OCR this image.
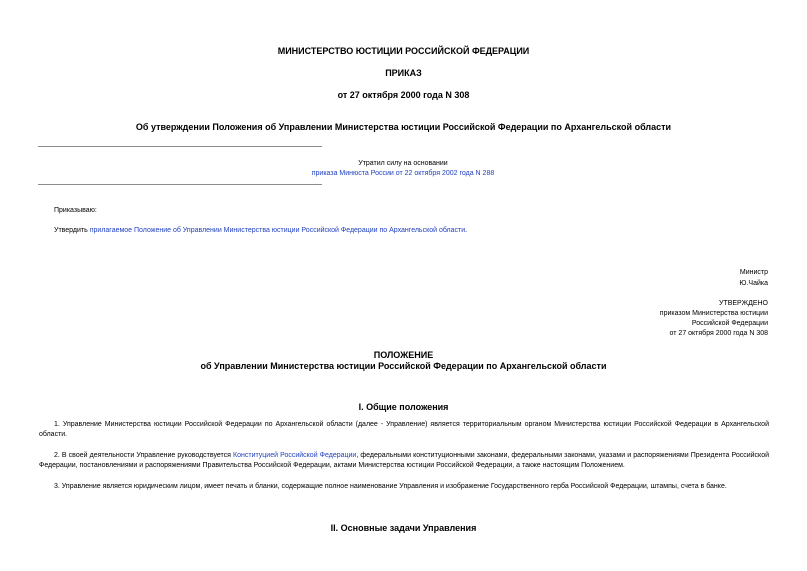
МИНИСТЕРСТВО ЮСТИЦИИ РОССИЙСКОЙ ФЕДЕРАЦИИ
ПРИКАЗ
от 27 октября 2000 года N 308
Об утверждении Положения об Управлении Министерства юстиции Российской Федерации по Архангельской области
Утратил силу на основании
приказа Минюста России от 22 октября 2002 года N 288
Приказываю:
Утвердить прилагаемое Положение об Управлении Министерства юстиции Российской Федерации по Архангельской области.
Министр
Ю.Чайка
УТВЕРЖДЕНО
приказом Министерства юстиции
Российской Федерации
от 27 октября 2000 года N 308
ПОЛОЖЕНИЕ
об Управлении Министерства юстиции Российской Федерации по Архангельской области
I. Общие положения
1. Управление Министерства юстиции Российской Федерации по Архангельской области (далее - Управление) является территориальным органом Министерства юстиции Российской Федерации в Архангельской области.
2. В своей деятельности Управление руководствуется Конституцией Российской Федерации, федеральными конституционными законами, федеральными законами, указами и распоряжениями Президента Российской Федерации, постановлениями и распоряжениями Правительства Российской Федерации, актами Министерства юстиции Российской Федерации, а также настоящим Положением.
3. Управление является юридическим лицом, имеет печать и бланки, содержащие полное наименование Управления и изображение Государственного герба Российской Федерации, штампы, счета в банке.
II. Основные задачи Управления
